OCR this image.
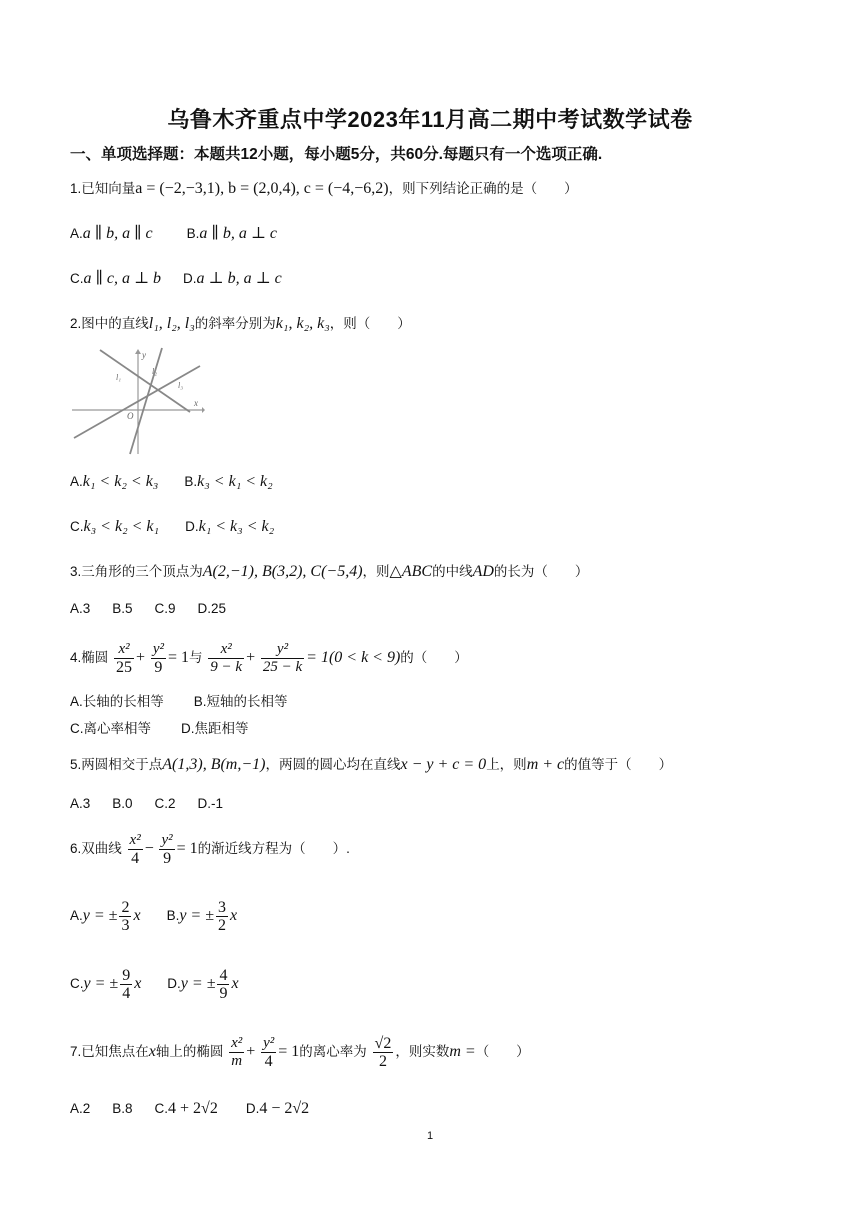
乌鲁木齐重点中学2023年11月高二期中考试数学试卷
一、单项选择题：本题共12小题，每小题5分，共60分.每题只有一个选项正确.
1.已知向量a = (−2,−3,1), b = (2,0,4), c = (−4,−6,2)，则下列结论正确的是（　　）
A.a ∥ b, a ∥ c	B.a ∥ b, a ⊥ c
C.a ∥ c, a ⊥ b D.a ⊥ b, a ⊥ c
2.图中的直线l₁, l₂, l₃的斜率分别为k₁, k₂, k₃，则（　　）
y
x
O
l₁
l₂
l₃
A.k₁ < k₂ < k₃ B.k₃ < k₁ < k₂
C.k₃ < k₂ < k₁ D.k₁ < k₃ < k₂
3.三角形的三个顶点为A(2,−1), B(3,2), C(−5,4)，则△ABC的中线AD的长为（　　）
A.3 B.5 C.9 D.25
4.椭圆 $\frac{\text{x²}}{25} + \frac{\text{y²}}{9} = 1$与 $\frac{\text{x²}}{9 - k} + \frac{\text{y²}}{25 - k} = 1(0 < k < 9)$的（　　）
A.长轴的长相等 B.短轴的长相等
C.离心率相等 D.焦距相等
5.两圆相交于点A(1,3), B(m,−1)，两圆的圆心均在直线x − y + c = 0上，则m + c的值等于（　　）
A.3 B.0 C.2 D.-1
6.双曲线 $\frac{\text{x²}}{4} - \frac{\text{y²}}{9} = 1$的渐近线方程为（　　）.
A.y = ± $\frac{2}{3}$ x B.y = ± $\frac{3}{2}$ x
C.y = ± $\frac{9}{4}$ x D.y = ± $\frac{4}{9}$ x
7.已知焦点在x轴上的椭圆 $\frac{\text{x²}}{m} + \frac{\text{y²}}{4} = 1$的离心率为 $\frac{√2}{2}$ ，则实数m =（　　）
A.2 B.8 C.4 + 2√2 D.4 − 2√2
1
